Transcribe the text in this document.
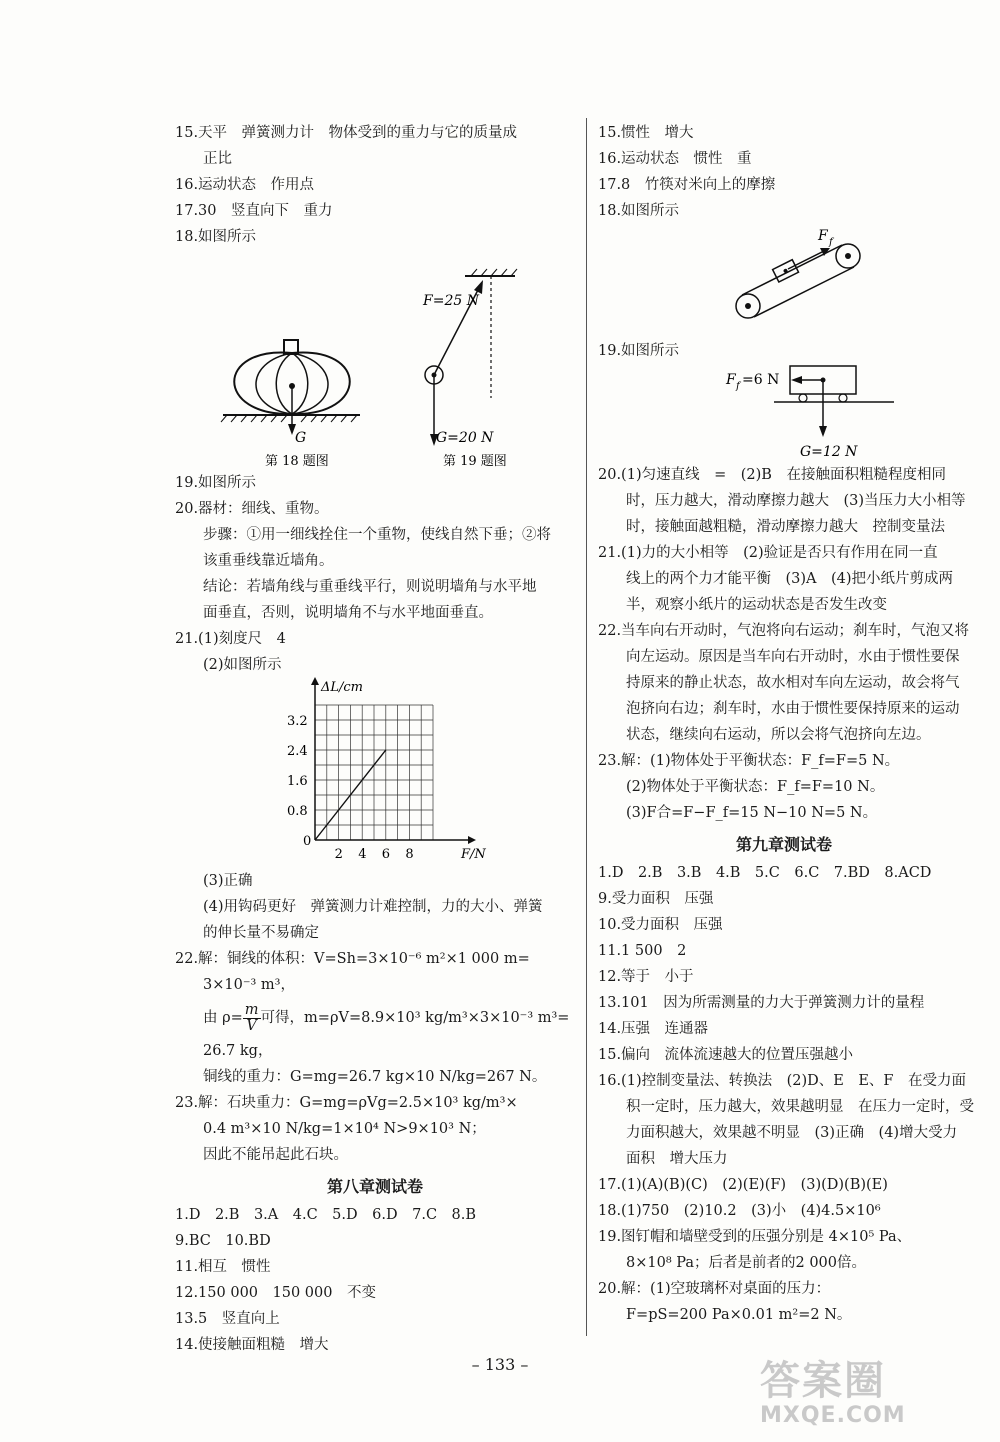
15.天平　弹簧测力计　物体受到的重力与它的质量成
正比
16.运动状态　作用点
17.30　竖直向下　重力
18.如图所示
G
第 18 题图
F=25 N
G=20 N
第 19 题图
19.如图所示
20.器材：细线、重物。
步骤：①用一细线拴住一个重物，使线自然下垂；②将
该重垂线靠近墙角。
结论：若墙角线与重垂线平行，则说明墙角与水平地
面垂直，否则，说明墙角不与水平地面垂直。
21.(1)刻度尺　4
(2)如图所示
F/N
ΔL/cm
0
2 4 6 8
0.8
1.6
2.4
3.2
(3)正确
(4)用钩码更好　弹簧测力计难控制，力的大小、弹簧
的伸长量不易确定
22.解：铜线的体积：V=Sh=3×10⁻⁶ m²×1 000 m=
3×10⁻³ m³，
由 $\rho= \frac{m}{V}$ 可得，m=ρV=8.9×10³ kg/m³×3×10⁻³ m³=
26.7 kg，
铜线的重力：G=mg=26.7 kg×10 N/kg=267 N。
23.解：石块重力：G=mg=ρVg=2.5×10³ kg/m³×
0.4 m³×10 N/kg=1×10⁴ N>9×10³ N；
因此不能吊起此石块。
第八章测试卷
1.D　2.B　3.A　4.C　5.D　6.D　7.C　8.B
9.BC　10.BD
11.相互　惯性
12.150 000　150 000　不变
13.5　竖直向上
14.使接触面粗糙　增大
15.惯性　增大
16.运动状态　惯性　重
17.8　竹筷对米向上的摩擦
18.如图所示
F f
19.如图所示
F f =6 N
G=12 N
20.(1)匀速直线　=　(2)B　在接触面积粗糙程度相同
时，压力越大，滑动摩擦力越大　(3)当压力大小相等
时，接触面越粗糙，滑动摩擦力越大　控制变量法
21.(1)力的大小相等　(2)验证是否只有作用在同一直
线上的两个力才能平衡　(3)A　(4)把小纸片剪成两
半，观察小纸片的运动状态是否发生改变
22.当车向右开动时，气泡将向右运动；刹车时，气泡又将
向左运动。原因是当车向右开动时，水由于惯性要保
持原来的静止状态，故水相对车向左运动，故会将气
泡挤向右边；刹车时，水由于惯性要保持原来的运动
状态，继续向右运动，所以会将气泡挤向左边。
23.解：(1)物体处于平衡状态：F_f=F=5 N。
(2)物体处于平衡状态：F_f=F=10 N。
(3)F合=F−F_f=15 N−10 N=5 N。
第九章测试卷
1.D　2.B　3.B　4.B　5.C　6.C　7.BD　8.ACD
9.受力面积　压强
10.受力面积　压强
11.1 500　2
12.等于　小于
13.101　因为所需测量的力大于弹簧测力计的量程
14.压强　连通器
15.偏向　流体流速越大的位置压强越小
16.(1)控制变量法、转换法　(2)D、E　E、F　在受力面
积一定时，压力越大，效果越明显　在压力一定时，受
力面积越大，效果越不明显　(3)正确　(4)增大受力
面积　增大压力
17.(1)(A)(B)(C)　(2)(E)(F)　(3)(D)(B)(E)
18.(1)750　(2)10.2　(3)小　(4)4.5×10⁶
19.图钉帽和墙壁受到的压强分别是 4×10⁵ Pa、
8×10⁸ Pa；后者是前者的2 000倍。
20.解：(1)空玻璃杯对桌面的压力：
F=pS=200 Pa×0.01 m²=2 N。
– 133 –	答案圈
MXQE.COM
